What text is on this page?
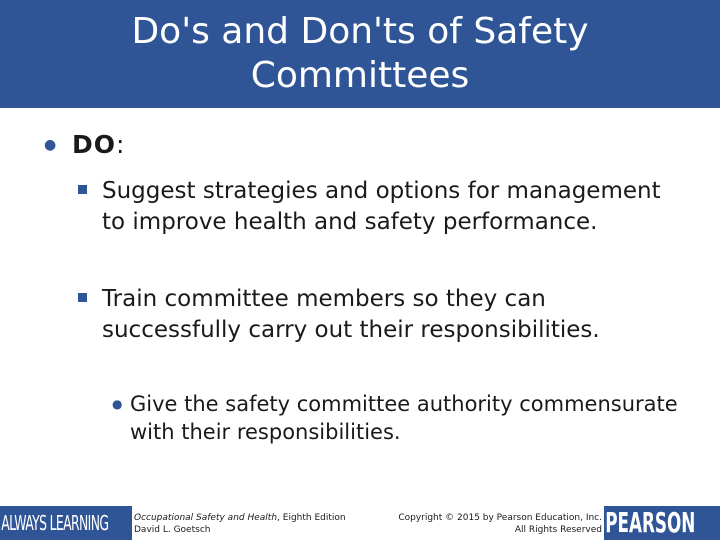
Do's and Don'ts of Safety Committees
● DO :
Suggest strategies and options for management to improve health and safety performance.
Train committee members so they can successfully carry out their responsibilities.
● Give the safety committee authority commensurate with their responsibilities.
ALWAYS LEARNING	Occupational Safety and Health, Eighth Edition
David L. Goetsch
Copyright © 2015 by Pearson Education, Inc.
All Rights Reserved PEARSON
